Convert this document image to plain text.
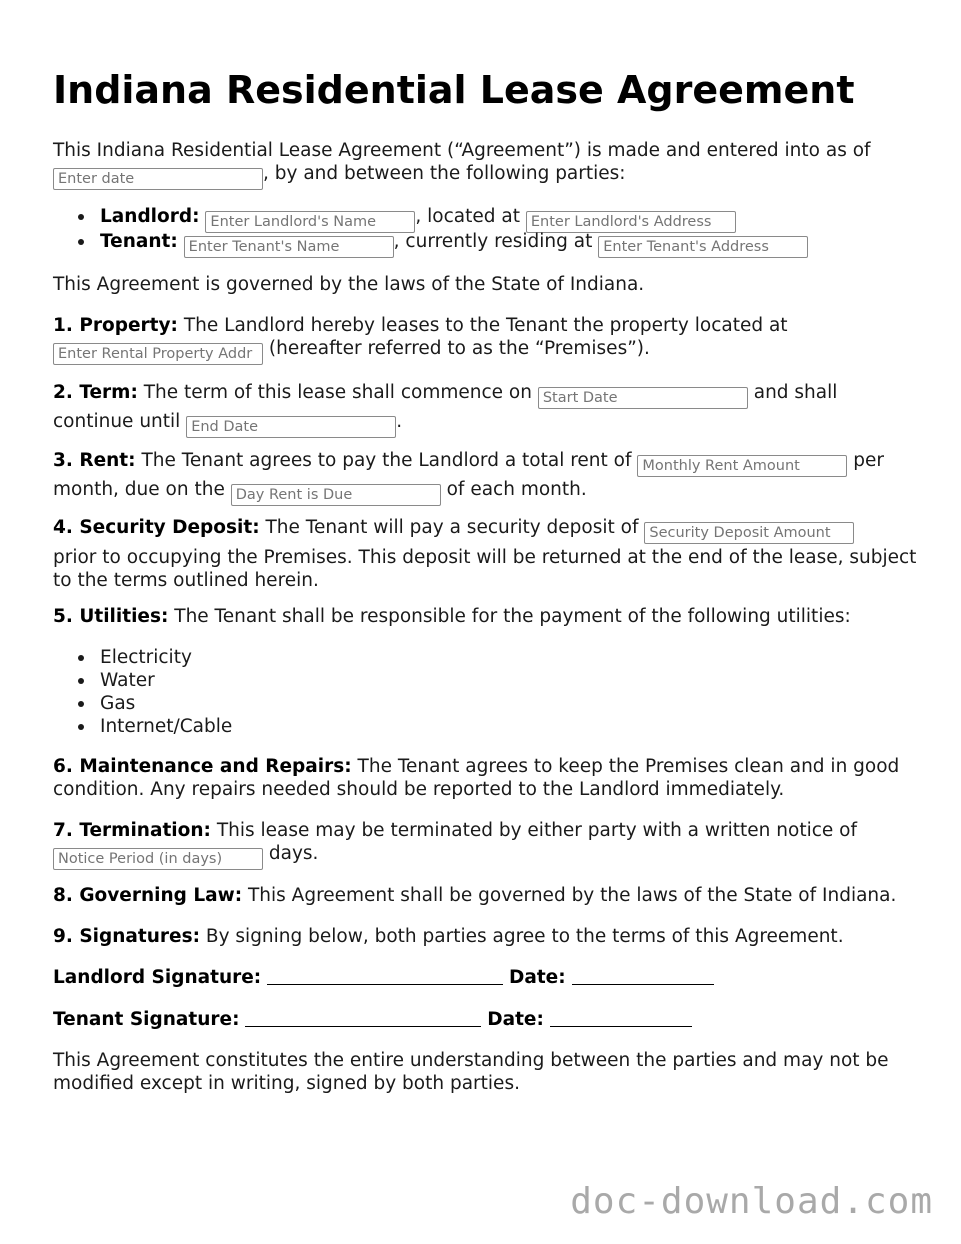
Indiana Residential Lease Agreement

This Indiana Residential Lease Agreement (“Agreement”) is made and entered into as of
Enter date, by and between the following parties:

Landlord: Enter Landlord's Name	, located at Enter Landlord's Address
Tenant: Enter Tenant's Name	, currently residing at Enter Tenant's Address

This Agreement is governed by the laws of the State of Indiana.

1. Property: The Landlord hereby leases to the Tenant the property located at
Enter Rental Property Addr (hereafter referred to as the “Premises”).

2. Term: The term of this lease shall commence on Start Date	and shall continue until End Date	.

3. Rent: The Tenant agrees to pay the Landlord a total rent of Monthly Rent Amount	per month, due on the Day Rent is Due	of each month.

4. Security Deposit: The Tenant will pay a security deposit of Security Deposit Amount
prior to occupying the Premises. This deposit will be returned at the end of the lease, subject to the terms outlined herein.

5. Utilities: The Tenant shall be responsible for the payment of the following utilities:

Electricity
Water
Gas
Internet/Cable

6. Maintenance and Repairs: The Tenant agrees to keep the Premises clean and in good condition. Any repairs needed should be reported to the Landlord immediately.

7. Termination: This lease may be terminated by either party with a written notice of
Notice Period (in days) days.

8. Governing Law: This Agreement shall be governed by the laws of the State of Indiana.

9. Signatures: By signing below, both parties agree to the terms of this Agreement.

Landlord Signature:	Date:

Tenant Signature:	Date:

This Agreement constitutes the entire understanding between the parties and may not be modified except in writing, signed by both parties.

doc-download.com
